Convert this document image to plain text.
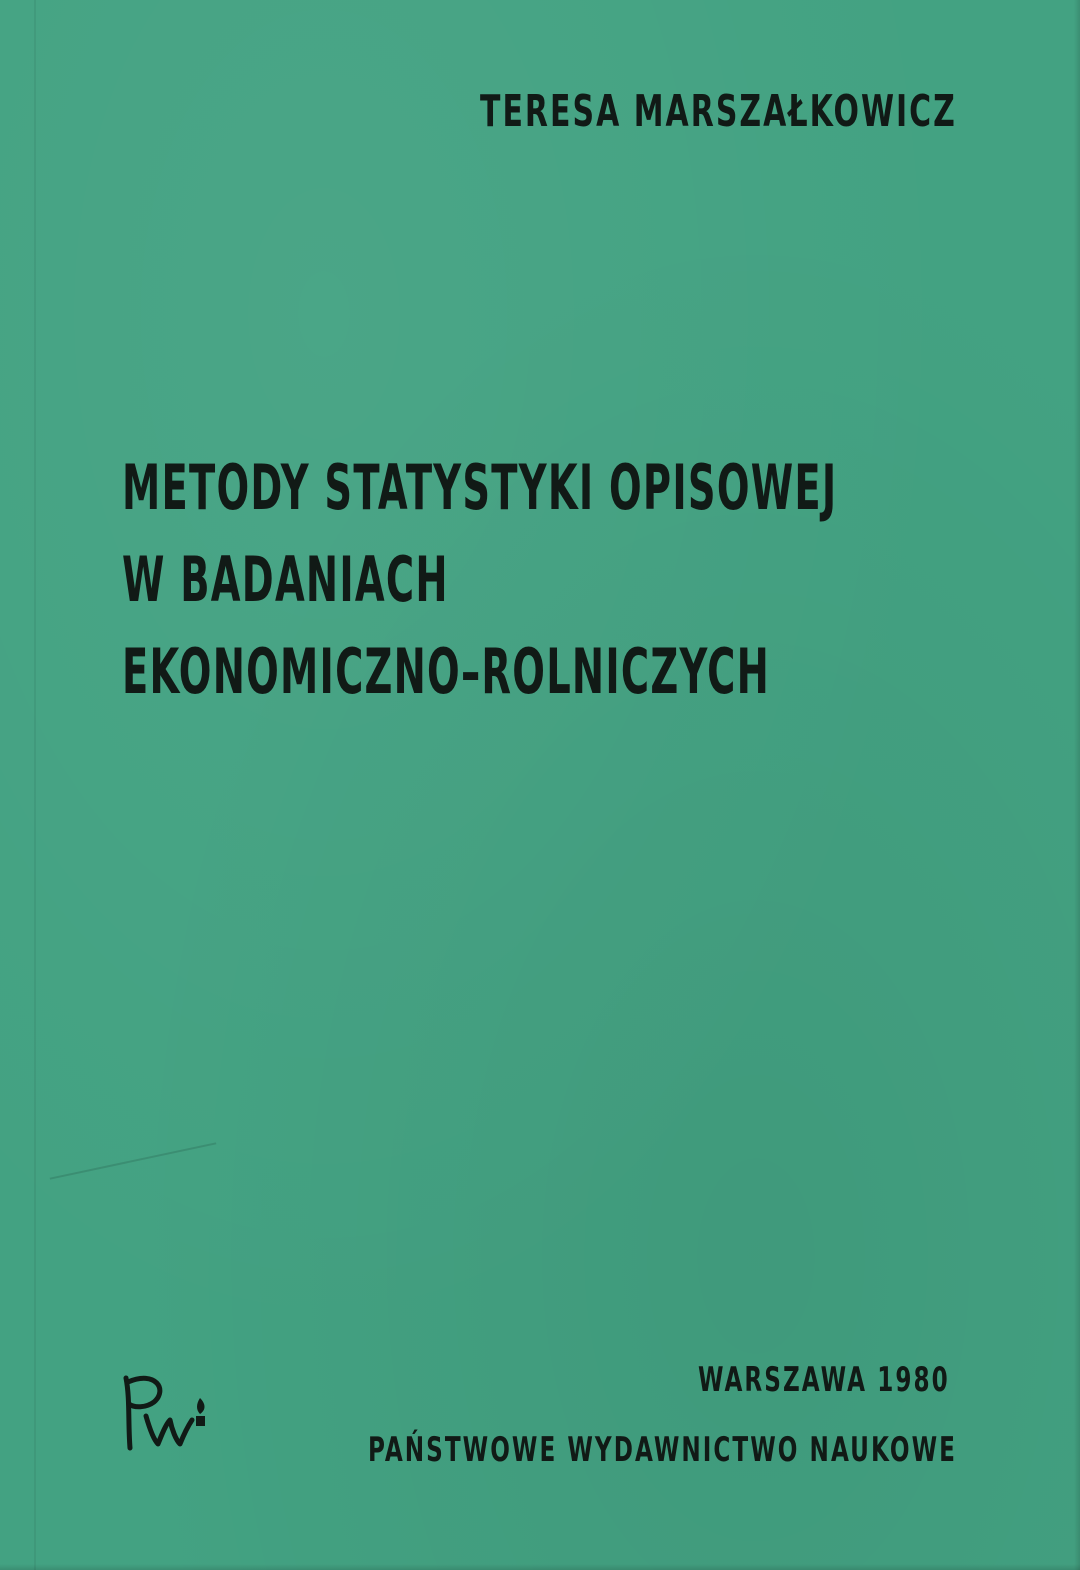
TERESA MARSZAŁKOWICZ
METODY STATYSTYKI OPISOWEJ
W BADANIACH
EKONOMICZNO–ROLNICZYCH
WARSZAWA 1980
PAŃSTWOWE WYDAWNICTWO NAUKOWE
